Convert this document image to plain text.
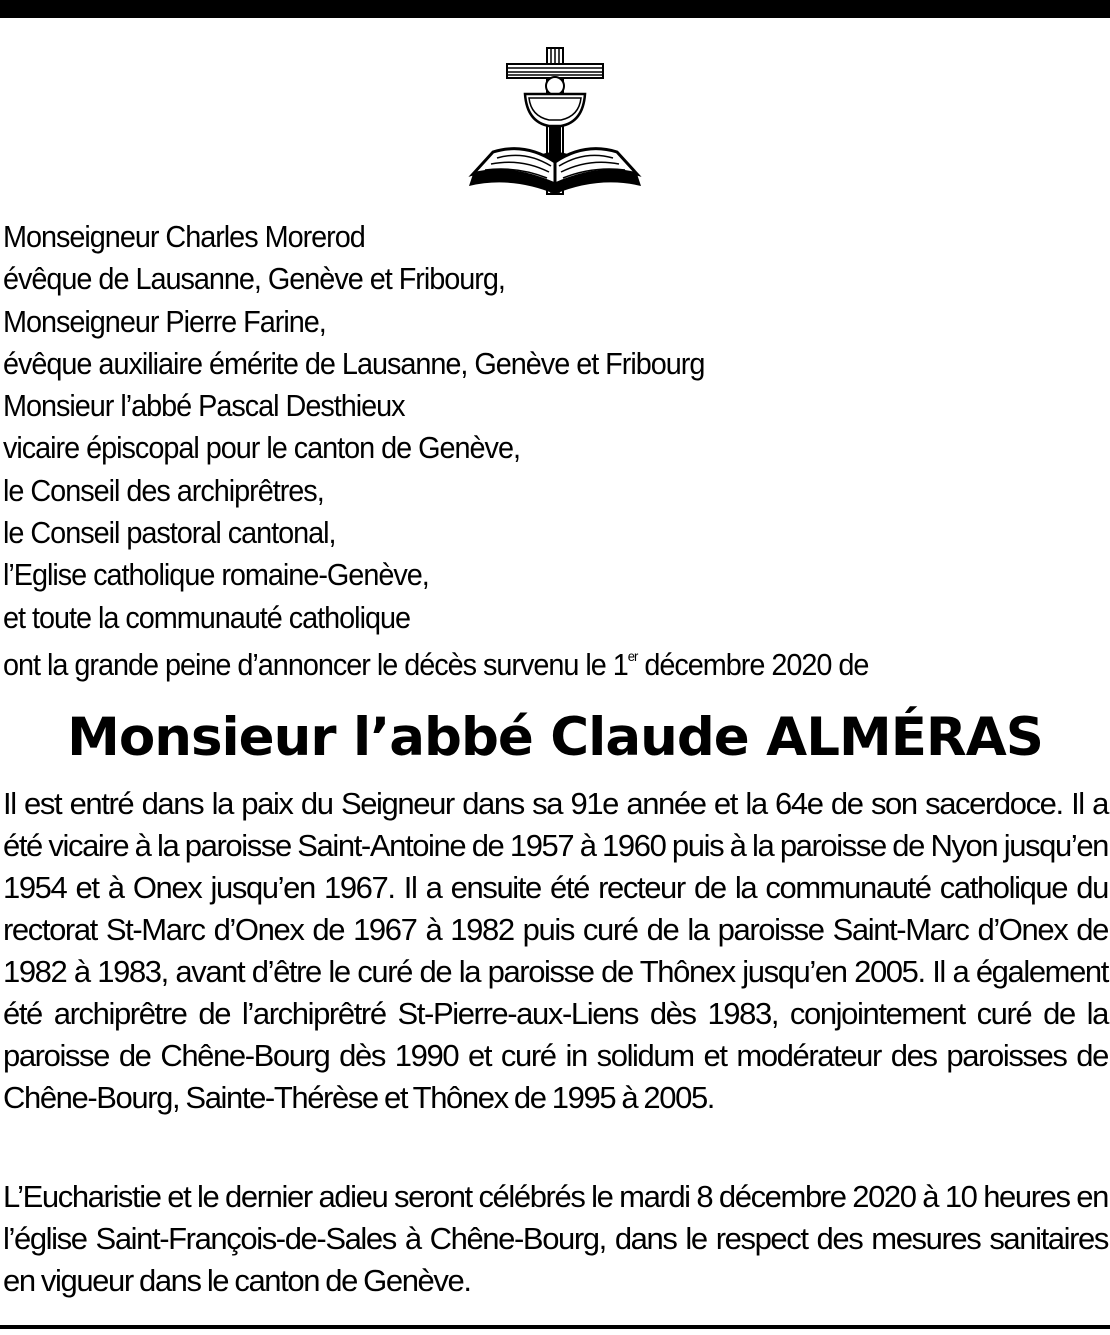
Monseigneur Charles Morerod
évêque de Lausanne, Genève et Fribourg,
Monseigneur Pierre Farine,
évêque auxiliaire émérite de Lausanne, Genève et Fribourg
Monsieur l’abbé Pascal Desthieux
vicaire épiscopal pour le canton de Genève,
le Conseil des archiprêtres,
le Conseil pastoral cantonal,
l’Eglise catholique romaine-Genève,
et toute la communauté catholique
ont la grande peine d’annoncer le décès survenu le 1er décembre 2020 de
Monsieur l’abbé Claude ALMÉRAS

Il est entré dans la paix du Seigneur dans sa 91e année et la 64e de son sacerdoce. Il a été vicaire à la paroisse Saint-Antoine de 1957 à 1960 puis à la paroisse de Nyon jusqu’en 1954 et à Onex jusqu’en 1967. Il a ensuite été recteur de la communauté catholique du rectorat St-Marc d’Onex de 1967 à 1982 puis curé de la paroisse Saint-Marc d’Onex de 1982 à 1983, avant d’être le curé de la paroisse de Thônex jusqu’en 2005. Il a également été archiprêtre de l’archiprêtré St-Pierre-aux-Liens dès 1983, conjointement curé de la paroisse de Chêne-Bourg dès 1990 et curé in solidum et modérateur des paroisses de Chêne-Bourg, Sainte-Thérèse et Thônex de 1995 à 2005.

L’Eucharistie et le dernier adieu seront célébrés le mardi 8 décembre 2020 à 10 heures en l’église Saint-François-de-Sales à Chêne-Bourg, dans le respect des mesures sanitaires en vigueur dans le canton de Genève.
